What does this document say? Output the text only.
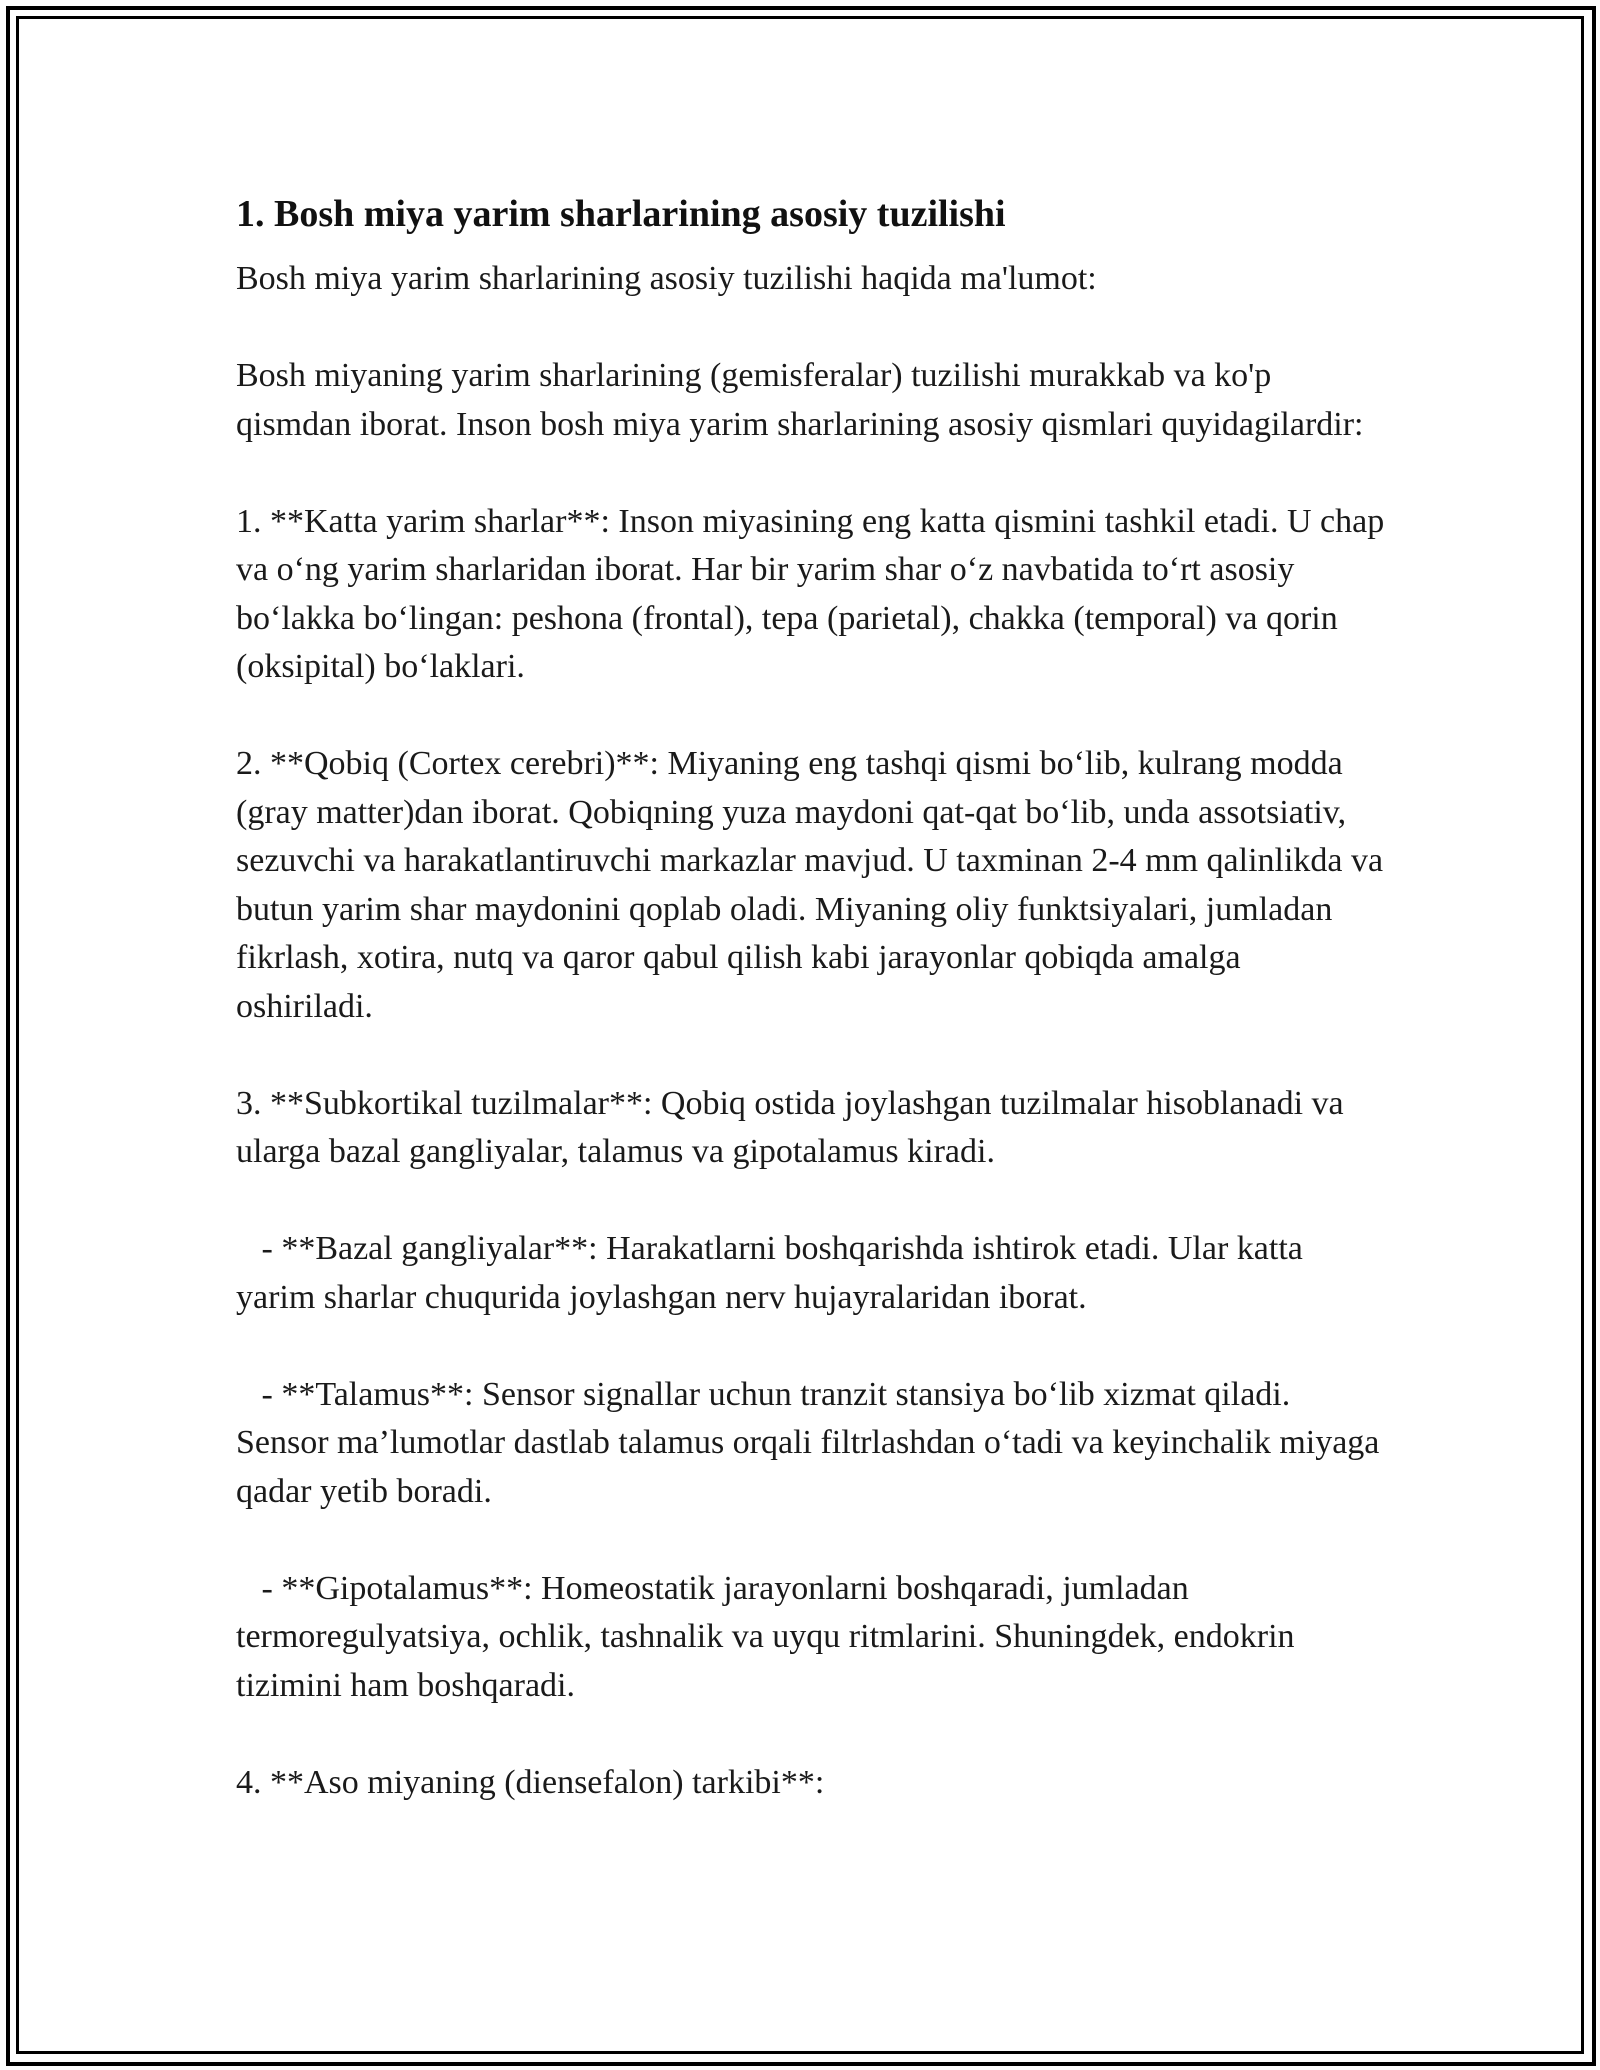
1. Bosh miya yarim sharlarining asosiy tuzilishi

Bosh miya yarim sharlarining asosiy tuzilishi haqida ma'lumot:

Bosh miyaning yarim sharlarining (gemisferalar) tuzilishi murakkab va ko'p qismdan iborat. Inson bosh miya yarim sharlarining asosiy qismlari quyidagilardir:

1. **Katta yarim sharlar**: Inson miyasining eng katta qismini tashkil etadi. U chap va o‘ng yarim sharlaridan iborat. Har bir yarim shar o‘z navbatida to‘rt asosiy bo‘lakka bo‘lingan: peshona (frontal), tepa (parietal), chakka (temporal) va qorin (oksipital) bo‘laklari.

2. **Qobiq (Cortex cerebri)**: Miyaning eng tashqi qismi bo‘lib, kulrang modda (gray matter)dan iborat. Qobiqning yuza maydoni qat-qat bo‘lib, unda assotsiativ, sezuvchi va harakatlantiruvchi markazlar mavjud. U taxminan 2-4 mm qalinlikda va butun yarim shar maydonini qoplab oladi. Miyaning oliy funktsiyalari, jumladan fikrlash, xotira, nutq va qaror qabul qilish kabi jarayonlar qobiqda amalga oshiriladi.

3. **Subkortikal tuzilmalar**: Qobiq ostida joylashgan tuzilmalar hisoblanadi va ularga bazal gangliyalar, talamus va gipotalamus kiradi.

- **Bazal gangliyalar**: Harakatlarni boshqarishda ishtirok etadi. Ular katta yarim sharlar chuqurida joylashgan nerv hujayralaridan iborat.

- **Talamus**: Sensor signallar uchun tranzit stansiya bo‘lib xizmat qiladi. Sensor ma’lumotlar dastlab talamus orqali filtrlashdan o‘tadi va keyinchalik miyaga qadar yetib boradi.

- **Gipotalamus**: Homeostatik jarayonlarni boshqaradi, jumladan termoregulyatsiya, ochlik, tashnalik va uyqu ritmlarini. Shuningdek, endokrin tizimini ham boshqaradi.

4. **Aso miyaning (diensefalon) tarkibi**:
